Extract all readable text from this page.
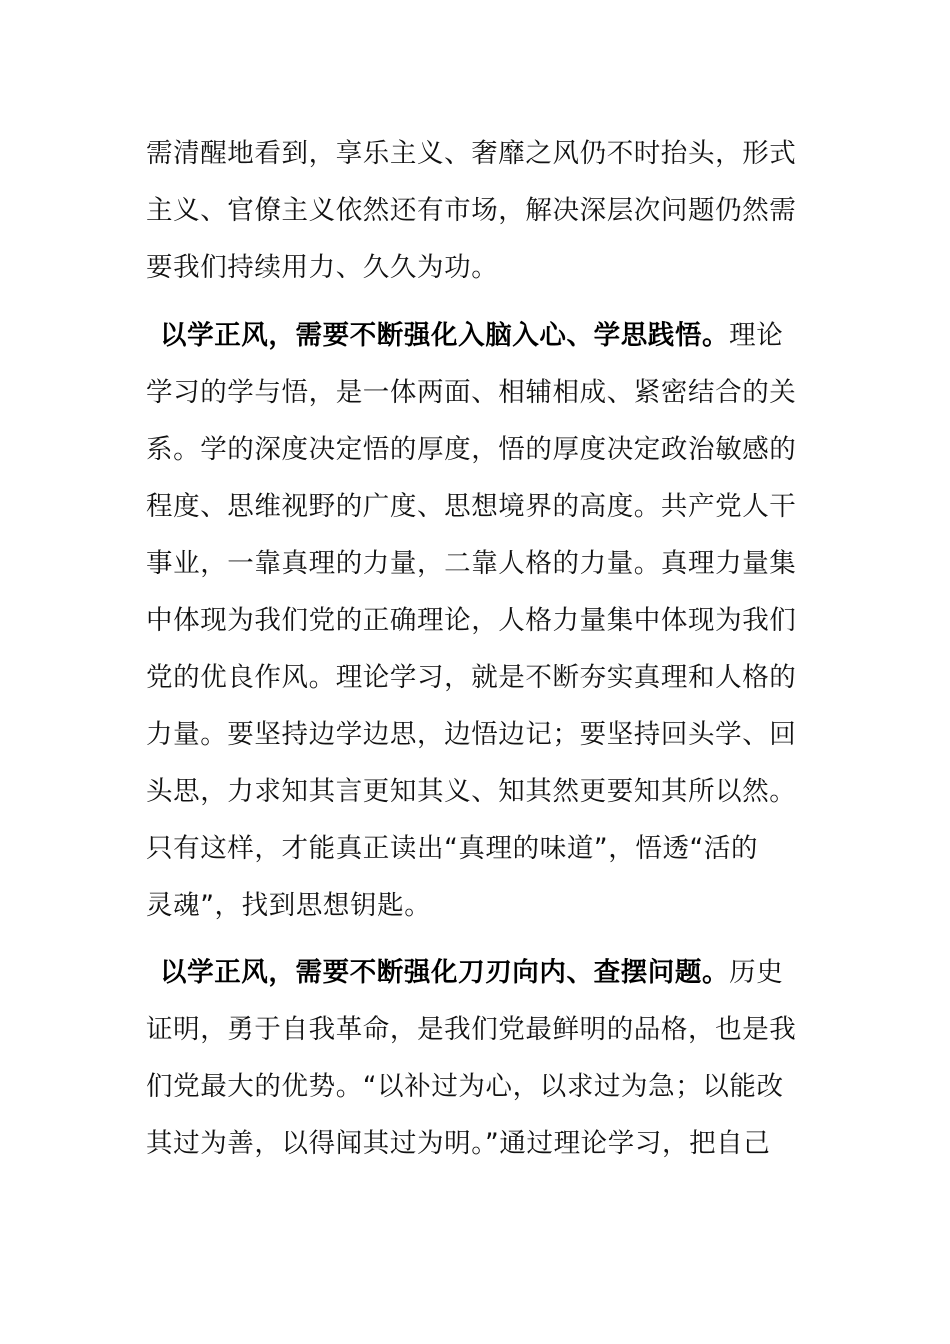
需清醒地看到，享乐主义、奢靡之风仍不时抬头，形式
主义、官僚主义依然还有市场，解决深层次问题仍然需
要我们持续用力、久久为功。
以学正风，需要不断强化入脑入心、学思践悟。理论
学习的学与悟，是一体两面、相辅相成、紧密结合的关
系。学的深度决定悟的厚度，悟的厚度决定政治敏感的
程度、思维视野的广度、思想境界的高度。共产党人干
事业，一靠真理的力量，二靠人格的力量。真理力量集
中体现为我们党的正确理论，人格力量集中体现为我们
党的优良作风。理论学习，就是不断夯实真理和人格的
力量。要坚持边学边思，边悟边记；要坚持回头学、回
头思，力求知其言更知其义、知其然更要知其所以然。
只有这样，才能真正读出“真理的味道”，悟透“活的
灵魂”，找到思想钥匙。
以学正风，需要不断强化刀刃向内、查摆问题。历史
证明，勇于自我革命，是我们党最鲜明的品格，也是我
们党最大的优势。“以补过为心，以求过为急；以能改
其过为善，以得闻其过为明。”通过理论学习，把自己
